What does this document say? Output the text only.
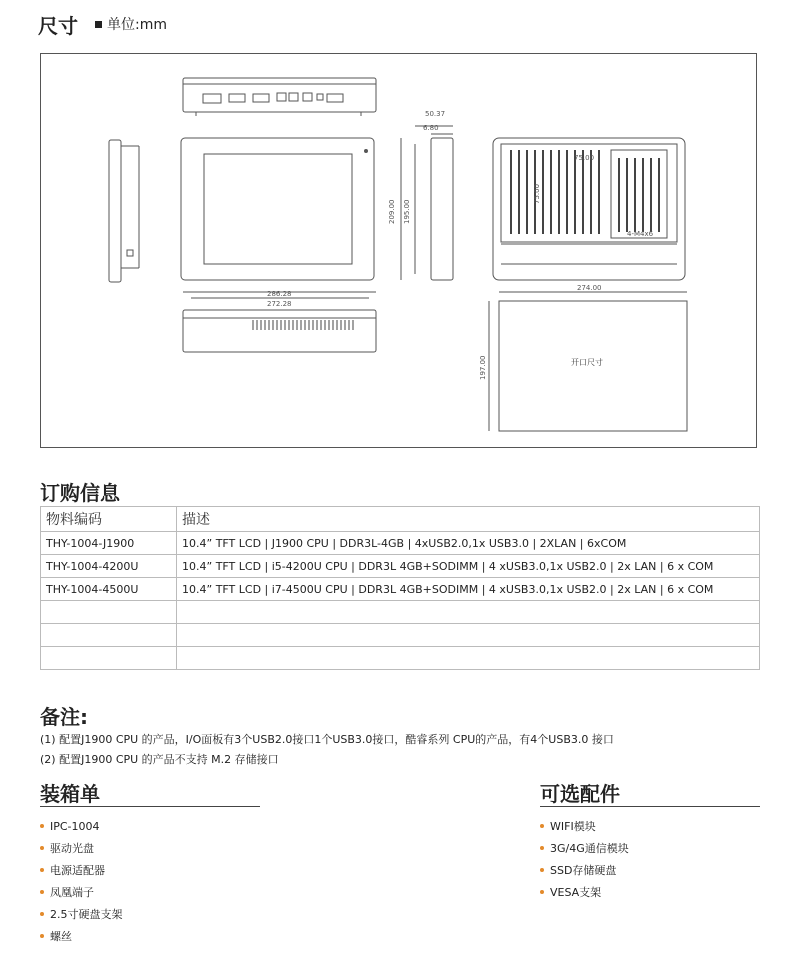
尺寸 单位:mm
286.28
272.28
50.37
6.80
209.00 195.00
75.00
75.00
4-M4x6
274.00
197.00	开口尺寸
订购信息
物料编码	描述
THY-1004-J1900	10.4” TFT LCD | J1900 CPU | DDR3L-4GB | 4xUSB2.0,1x USB3.0 | 2XLAN | 6xCOM
THY-1004-4200U	10.4” TFT LCD | i5-4200U CPU | DDR3L 4GB+SODIMM | 4 xUSB3.0,1x USB2.0 | 2x LAN | 6 x COM
THY-1004-4500U	10.4” TFT LCD | i7-4500U CPU | DDR3L 4GB+SODIMM | 4 xUSB3.0,1x USB2.0 | 2x LAN | 6 x COM

备注:
(1) 配置J1900 CPU 的产品，I/O面板有3个USB2.0接口1个USB3.0接口，酷睿系列 CPU的产品，有4个USB3.0 接口
(2) 配置J1900 CPU 的产品不支持 M.2 存储接口
装箱单
IPC-1004
驱动光盘
电源适配器
凤凰端子
2.5寸硬盘支架
螺丝
可选配件
WIFI模块
3G/4G通信模块
SSD存储硬盘
VESA支架
